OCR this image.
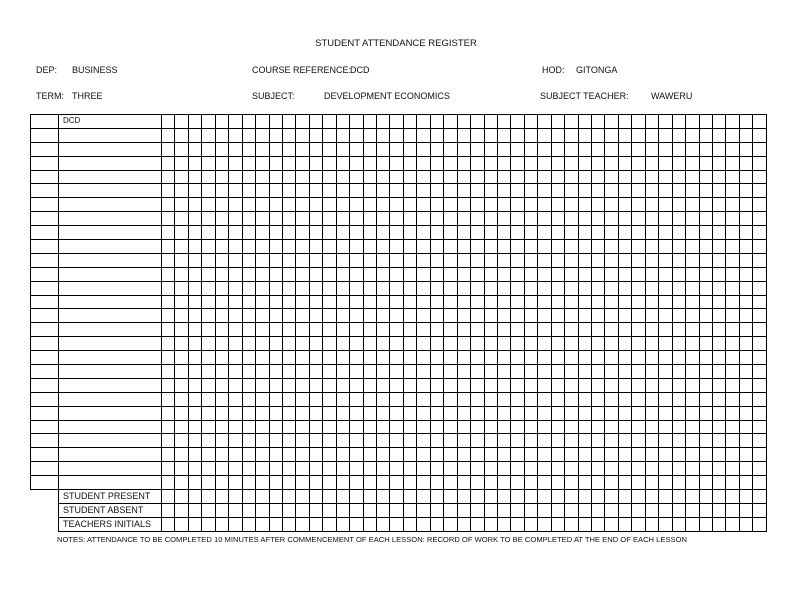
STUDENT ATTENDANCE REGISTER
DEP: BUSINESS	COURSE REFERENCE:
DCD	HOD: GITONGA
TERM: THREE	SUBJECT:	DEVELOPMENT ECONOMICS	SUBJECT TEACHER: WAWERU
	DCD																																													

	STUDENT PRESENT																																													
	STUDENT ABSENT																																													
	TEACHERS INITIALS																																													
NOTES: ATTENDANCE TO BE COMPLETED 10 MINUTES AFTER COMMENCEMENT OF EACH LESSON: RECORD OF WORK TO BE COMPLETED AT THE END OF EACH LESSON
